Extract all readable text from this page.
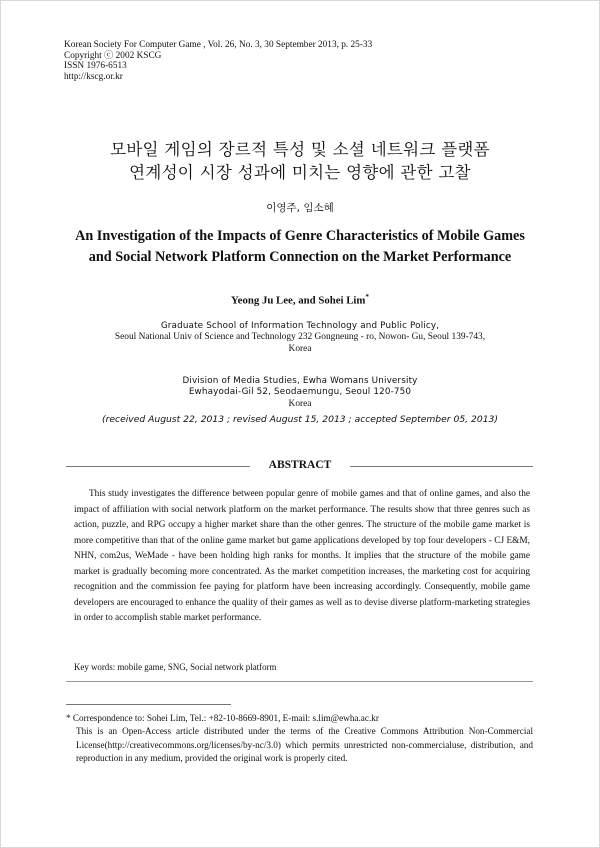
Korean Society For Computer Game , Vol. 26, No. 3, 30 September 2013, p. 25-33
Copyright ⓒ 2002 KSCG
ISSN 1976-6513
http://kscg.or.kr
모바일 게임의 장르적 특성 및 소셜 네트워크 플랫폼
연계성이 시장 성과에 미치는 영향에 관한 고찰
이영주, 임소혜
An Investigation of the Impacts of Genre Characteristics of Mobile Games and Social Network Platform Connection on the Market Performance
Yeong Ju Lee, and Sohei Lim*
Graduate School of Information Technology and Public Policy,
Seoul National Univ of Science and Technology 232 Gongneung - ro, Nowon- Gu, Seoul 139-743,
Korea
Division of Media Studies, Ewha Womans University
Ewhayodai-Gil 52, Seodaemungu, Seoul 120-750
Korea
(received August 22, 2013 ; revised August 15, 2013 ; accepted September 05, 2013)
ABSTRACT
This study investigates the difference between popular genre of mobile games and that of online games, and also the impact of affiliation with social network platform on the market performance. The results show that three genres such as action, puzzle, and RPG occupy a higher market share than the other genres. The structure of the mobile game market is more competitive than that of the online game market but game applications developed by top four developers - CJ E&M, NHN, com2us, WeMade - have been holding high ranks for months. It implies that the structure of the mobile game market is gradually becoming more concentrated. As the market competition increases, the marketing cost for acquiring recognition and the commission fee paying for platform have been increasing accordingly. Consequently, mobile game developers are encouraged to enhance the quality of their games as well as to devise diverse platform-marketing strategies in order to accomplish stable market performance.
Key words: mobile game, SNG, Social network platform
* Correspondence to: Sohei Lim, Tel.: +82-10-8669-8901, E-mail: s.lim@ewha.ac.kr
This is an Open-Access article distributed under the terms of the Creative Commons Attribution Non-Commercial License(http://creativecommons.org/licenses/by-nc/3.0) which permits unrestricted non-commercialuse, distribution, and reproduction in any medium, provided the original work is properly cited.
